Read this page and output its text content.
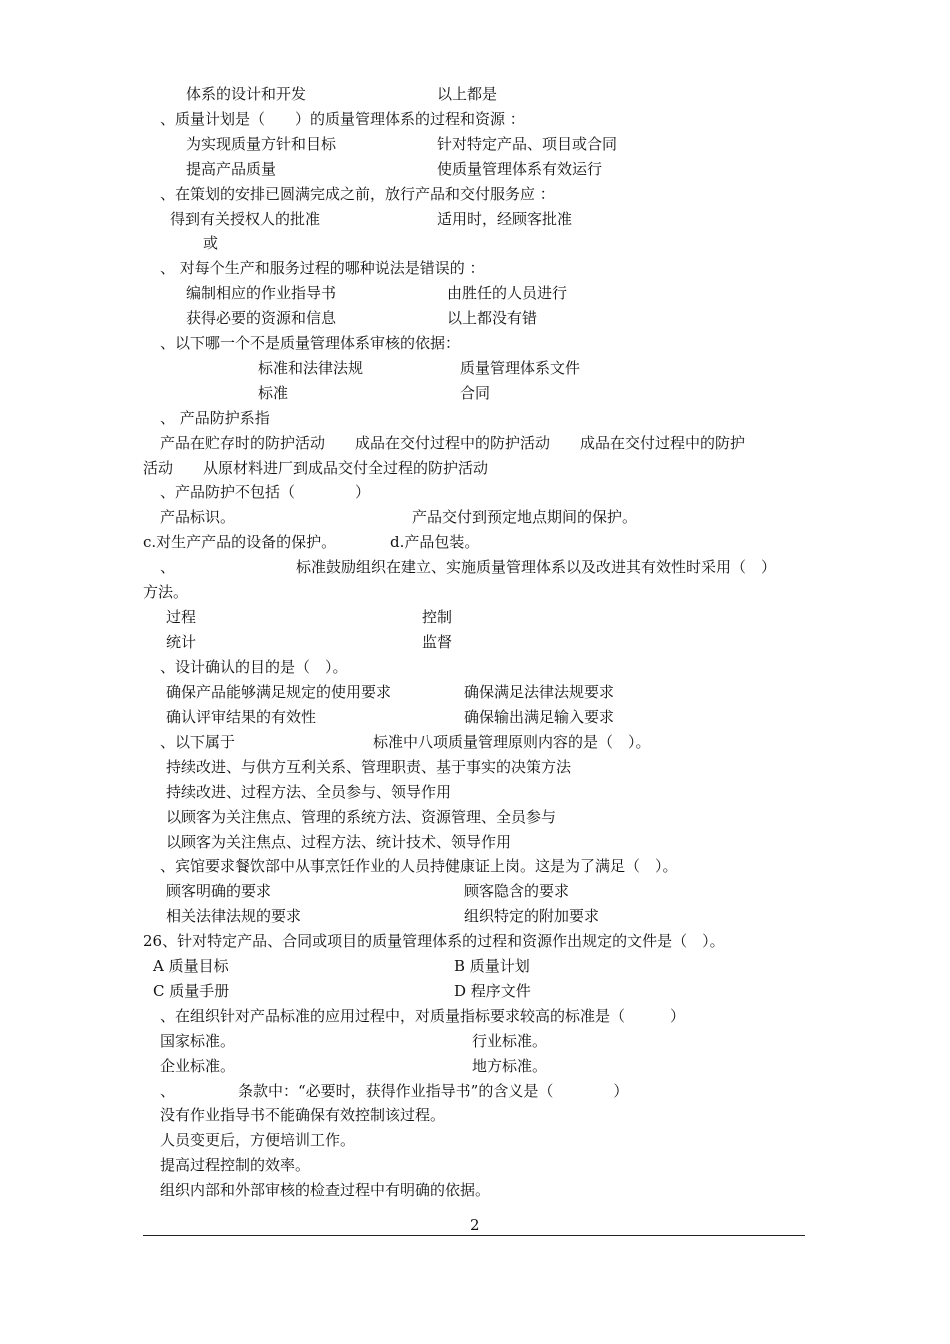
体系的设计和开发	以上都是
、质量计划是（　　）的质量管理体系的过程和资源 ：
为实现质量方针和目标	针对特定产品、项目或合同
提高产品质量	使质量管理体系有效运行
、在策划的安排已圆满完成之前，放行产品和交付服务应 ：
得到有关授权人的批准	适用时，经顾客批准
或
、 对每个生产和服务过程的哪种说法是错误的 ：
编制相应的作业指导书	由胜任的人员进行
获得必要的资源和信息	以上都没有错
、以下哪一个不是质量管理体系审核的依据：
标准和法律法规	质量管理体系文件
标准	合同
、 产品防护系指
产品在贮存时的防护活动　　成品在交付过程中的防护活动　　成品在交付过程中的防护
活动　　从原材料进厂到成品交付全过程的防护活动
、产品防护不包括（　　　　）
产品标识。	产品交付到预定地点期间的保护。
c.对生产产品的设备的保护。	d.产品包装。
、	标准鼓励组织在建立、实施质量管理体系以及改进其有效性时采用（　）
方法。
过程	控制
统计	监督
、设计确认的目的是（　）。
确保产品能够满足规定的使用要求	确保满足法律法规要求
确认评审结果的有效性	确保输出满足输入要求
、以下属于	标准中八项质量管理原则内容的是（　）。
持续改进、与供方互利关系、管理职责、基于事实的决策方法
持续改进、过程方法、全员参与、领导作用
以顾客为关注焦点、管理的系统方法、资源管理、全员参与
以顾客为关注焦点、过程方法、统计技术、领导作用
、宾馆要求餐饮部中从事烹饪作业的人员持健康证上岗。这是为了满足（　）。
顾客明确的要求	顾客隐含的要求
相关法律法规的要求	组织特定的附加要求
26、针对特定产品、合同或项目的质量管理体系的过程和资源作出规定的文件是（　）。
A 质量目标	B 质量计划
C 质量手册	D 程序文件
、在组织针对产品标准的应用过程中，对质量指标要求较高的标准是（　　　）
国家标准。	行业标准。
企业标准。	地方标准。
、	条款中：“必要时，获得作业指导书”的含义是（　　　　）
没有作业指导书不能确保有效控制该过程。
人员变更后，方便培训工作。
提高过程控制的效率。
组织内部和外部审核的检查过程中有明确的依据。
2
